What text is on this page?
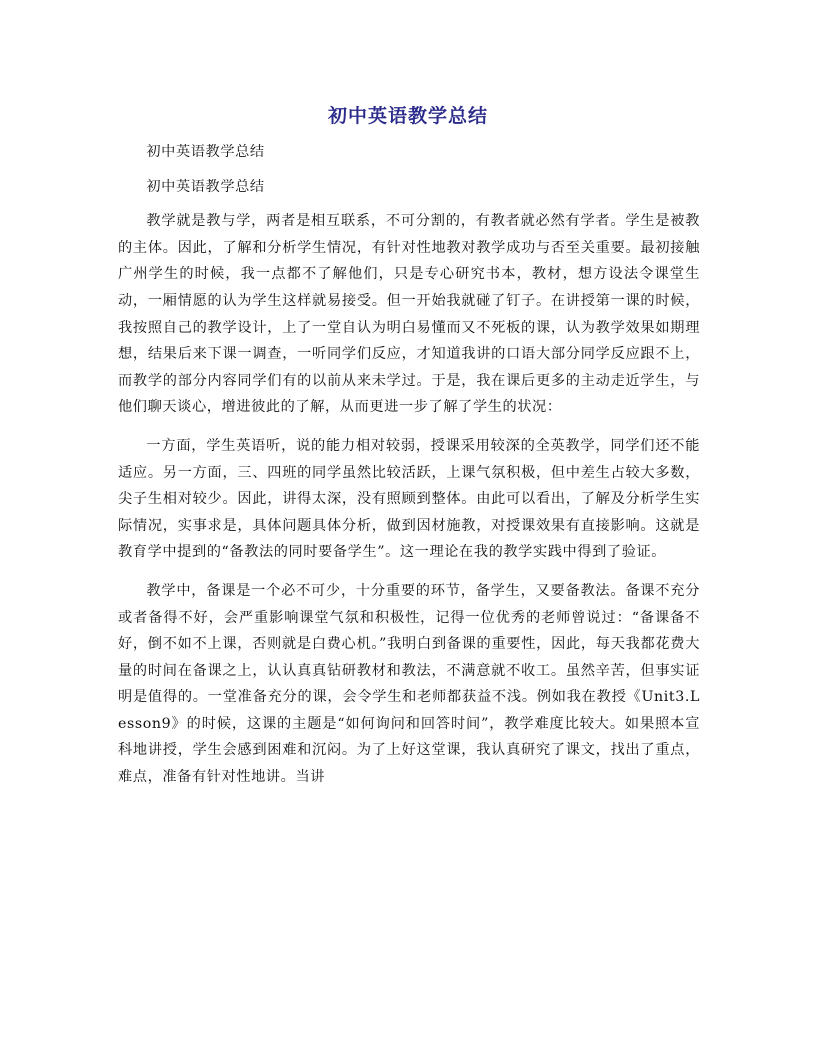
初中英语教学总结

初中英语教学总结

初中英语教学总结

教学就是教与学，两者是相互联系，不可分割的，有教者就必然有学者。学生是被教的主体。因此，了解和分析学生情况，有针对性地教对教学成功与否至关重要。最初接触广州学生的时候，我一点都不了解他们，只是专心研究书本，教材，想方设法令课堂生动，一厢情愿的认为学生这样就易接受。但一开始我就碰了钉子。在讲授第一课的时候，我按照自己的教学设计，上了一堂自认为明白易懂而又不死板的课，认为教学效果如期理想，结果后来下课一调查，一听同学们反应，才知道我讲的口语大部分同学反应跟不上，而教学的部分内容同学们有的以前从来未学过。于是，我在课后更多的主动走近学生，与他们聊天谈心，增进彼此的了解，从而更进一步了解了学生的状况：

一方面，学生英语听，说的能力相对较弱，授课采用较深的全英教学，同学们还不能适应。另一方面，三、四班的同学虽然比较活跃，上课气氛积极，但中差生占较大多数，尖子生相对较少。因此，讲得太深，没有照顾到整体。由此可以看出，了解及分析学生实际情况，实事求是，具体问题具体分析，做到因材施教，对授课效果有直接影响。这就是教育学中提到的“备教法的同时要备学生”。这一理论在我的教学实践中得到了验证。

教学中，备课是一个必不可少，十分重要的环节，备学生，又要备教法。备课不充分或者备得不好，会严重影响课堂气氛和积极性，记得一位优秀的老师曾说过：“备课备不好，倒不如不上课，否则就是白费心机。”我明白到备课的重要性，因此，每天我都花费大量的时间在备课之上，认认真真钻研教材和教法，不满意就不收工。虽然辛苦，但事实证明是值得的。一堂准备充分的课，会令学生和老师都获益不浅。例如我在教授《Unit3.Lesson9》的时候，这课的主题是“如何询问和回答时间”，教学难度比较大。如果照本宣科地讲授，学生会感到困难和沉闷。为了上好这堂课，我认真研究了课文，找出了重点，难点，准备有针对性地讲。当讲
